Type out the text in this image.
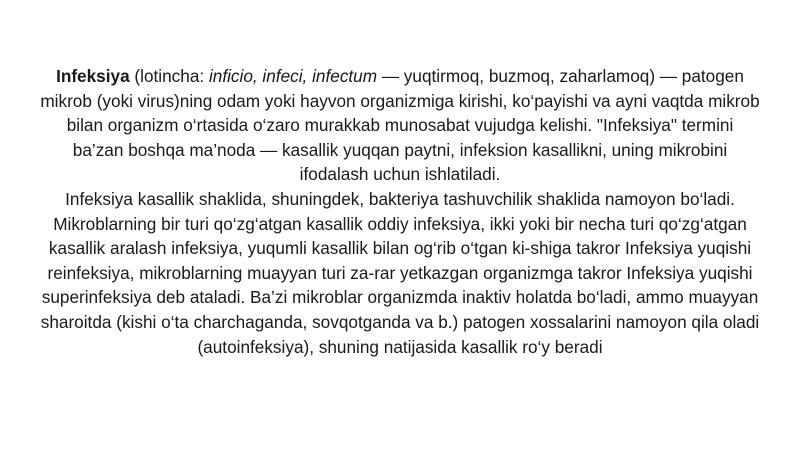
Infeksiya (lotincha: inficio, infeci, infectum — yuqtirmoq, buzmoq, zaharlamoq) — patogen mikrob (yoki virus)ning odam yoki hayvon organizmiga kirishi, ko‘payishi va ayni vaqtda mikrob bilan organizm o‘rtasida o‘zaro murakkab munosabat vujudga kelishi. "Infeksiya" termini ba’zan boshqa ma’noda — kasallik yuqqan paytni, infeksion kasallikni, uning mikrobini ifodalash uchun ishlatiladi.

Infeksiya kasallik shaklida, shuningdek, bakteriya tashuvchilik shaklida namoyon bo‘ladi. Mikroblarning bir turi qo‘zg‘atgan kasallik oddiy infeksiya, ikki yoki bir necha turi qo‘zg‘atgan kasallik aralash infeksiya, yuqumli kasallik bilan og‘rib o‘tgan ki-shiga takror Infeksiya yuqishi reinfeksiya, mikroblarning muayyan turi za-rar yetkazgan organizmga takror Infeksiya yuqishi superinfeksiya deb ataladi. Ba’zi mikroblar organizmda inaktiv holatda bo‘ladi, ammo muayyan sharoitda (kishi o‘ta charchaganda, sovqotganda va b.) patogen xossalarini namoyon qila oladi (autoinfeksiya), shuning natijasida kasallik ro‘y beradi
